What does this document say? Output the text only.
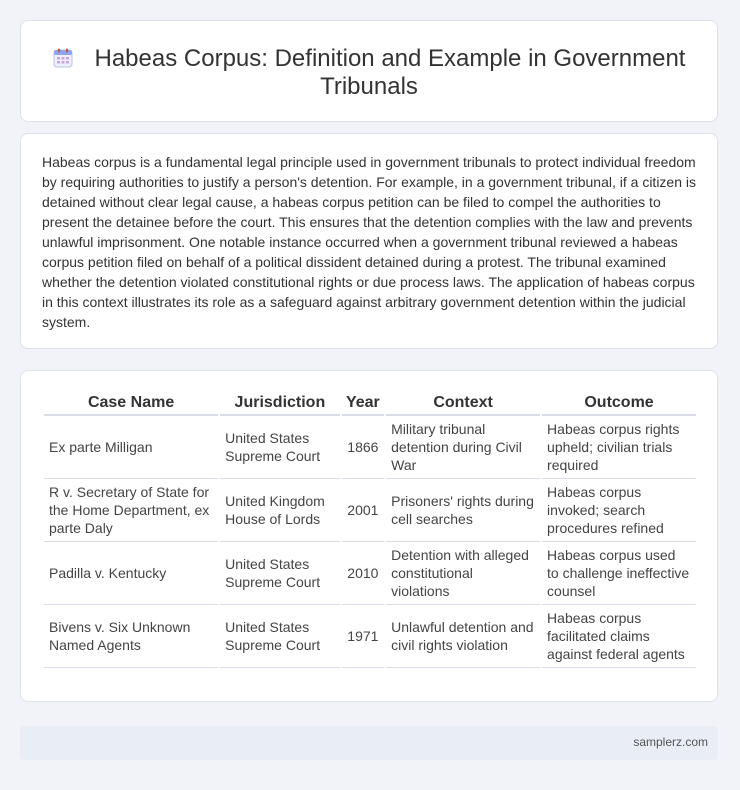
Habeas Corpus: Definition and Example in Government Tribunals

Habeas corpus is a fundamental legal principle used in government tribunals to protect individual freedom by requiring authorities to justify a person's detention. For example, in a government tribunal, if a citizen is detained without clear legal cause, a habeas corpus petition can be filed to compel the authorities to present the detainee before the court. This ensures that the detention complies with the law and prevents unlawful imprisonment. One notable instance occurred when a government tribunal reviewed a habeas corpus petition filed on behalf of a political dissident detained during a protest. The tribunal examined whether the detention violated constitutional rights or due process laws. The application of habeas corpus in this context illustrates its role as a safeguard against arbitrary government detention within the judicial system.

Case Name	Jurisdiction	Year	Context	Outcome
Ex parte Milligan	United States Supreme Court	1866	Military tribunal detention during Civil War	Habeas corpus rights upheld; civilian trials required
R v. Secretary of State for the Home Department, ex parte Daly	United Kingdom House of Lords	2001	Prisoners' rights during cell searches	Habeas corpus invoked; search procedures refined
Padilla v. Kentucky	United States Supreme Court	2010	Detention with alleged constitutional violations	Habeas corpus used to challenge ineffective counsel
Bivens v. Six Unknown Named Agents	United States Supreme Court	1971	Unlawful detention and civil rights violation	Habeas corpus facilitated claims against federal agents
samplerz.com
